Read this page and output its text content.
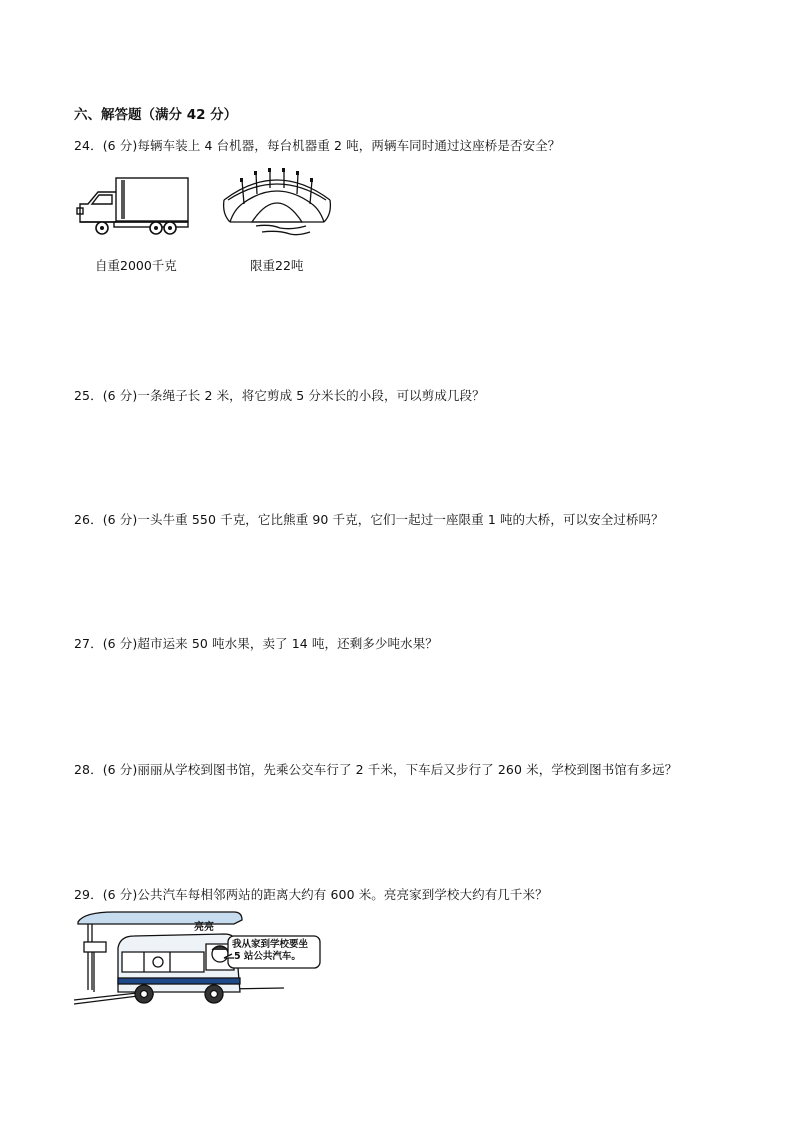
六、解答题（满分 42 分）
24．(6 分)每辆车装上 4 台机器，每台机器重 2 吨，两辆车同时通过这座桥是否安全？
自重2000千克	限重22吨
25．(6 分)一条绳子长 2 米，将它剪成 5 分米长的小段，可以剪成几段？
26．(6 分)一头牛重 550 千克，它比熊重 90 千克，它们一起过一座限重 1 吨的大桥，可以安全过桥吗？
27．(6 分)超市运来 50 吨水果，卖了 14 吨，还剩多少吨水果？
28．(6 分)丽丽从学校到图书馆，先乘公交车行了 2 千米，下车后又步行了 260 米，学校到图书馆有多远？
29．(6 分)公共汽车每相邻两站的距离大约有 600 米。亮亮家到学校大约有几千米？
亮亮
我从家到学校要坐
5 站公共汽车。
